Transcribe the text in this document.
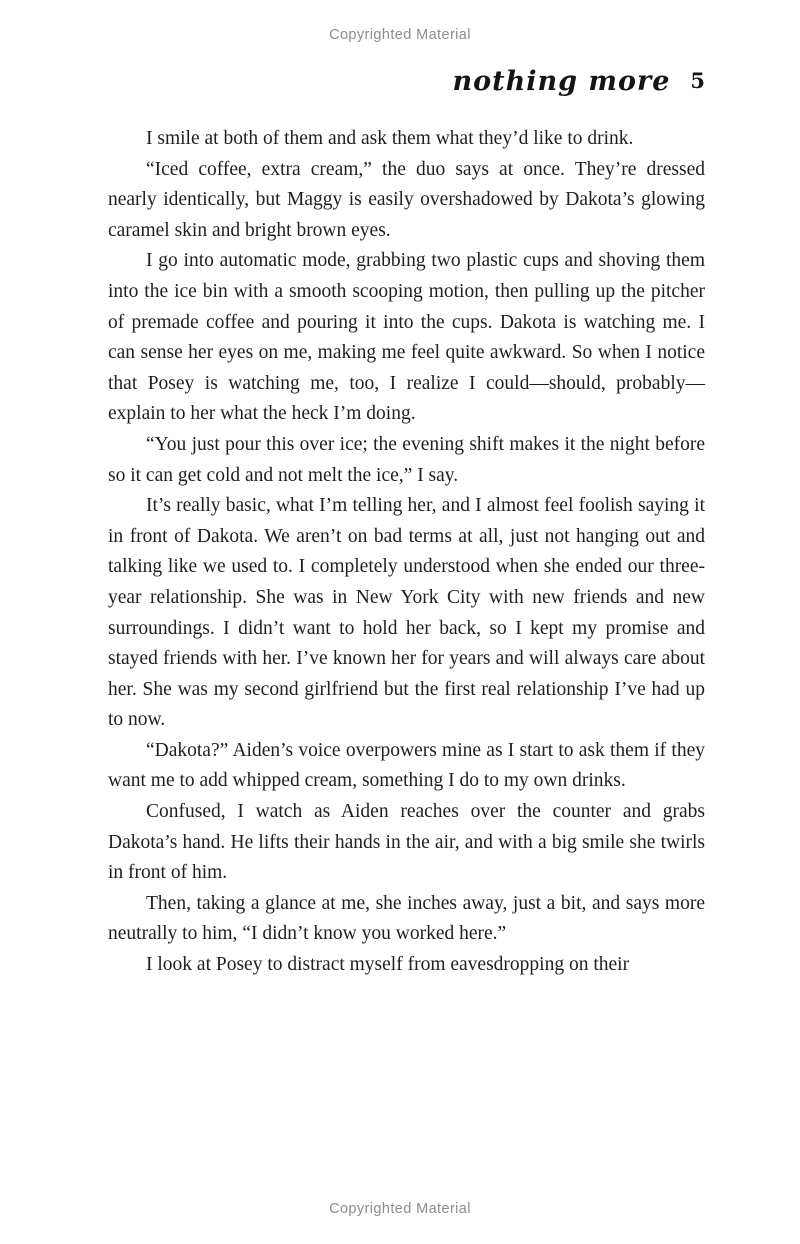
Copyrighted Material
nothing more 5

I smile at both of them and ask them what they’d like to drink.

“Iced coffee, extra cream,” the duo says at once. They’re dressed nearly identically, but Maggy is easily overshadowed by Dakota’s glowing caramel skin and bright brown eyes.

I go into automatic mode, grabbing two plastic cups and shoving them into the ice bin with a smooth scooping motion, then pulling up the pitcher of premade coffee and pouring it into the cups. Dakota is watching me. I can sense her eyes on me, making me feel quite awkward. So when I notice that Posey is watching me, too, I realize I could—should, probably—explain to her what the heck I’m doing.

“You just pour this over ice; the evening shift makes it the night before so it can get cold and not melt the ice,” I say.

It’s really basic, what I’m telling her, and I almost feel foolish saying it in front of Dakota. We aren’t on bad terms at all, just not hanging out and talking like we used to. I completely understood when she ended our three-year relationship. She was in New York City with new friends and new surroundings. I didn’t want to hold her back, so I kept my promise and stayed friends with her. I’ve known her for years and will always care about her. She was my second girlfriend but the first real relationship I’ve had up to now.

“Dakota?” Aiden’s voice overpowers mine as I start to ask them if they want me to add whipped cream, something I do to my own drinks.

Confused, I watch as Aiden reaches over the counter and grabs Dakota’s hand. He lifts their hands in the air, and with a big smile she twirls in front of him.

Then, taking a glance at me, she inches away, just a bit, and says more neutrally to him, “I didn’t know you worked here.”

I look at Posey to distract myself from eavesdropping on their

Copyrighted Material
